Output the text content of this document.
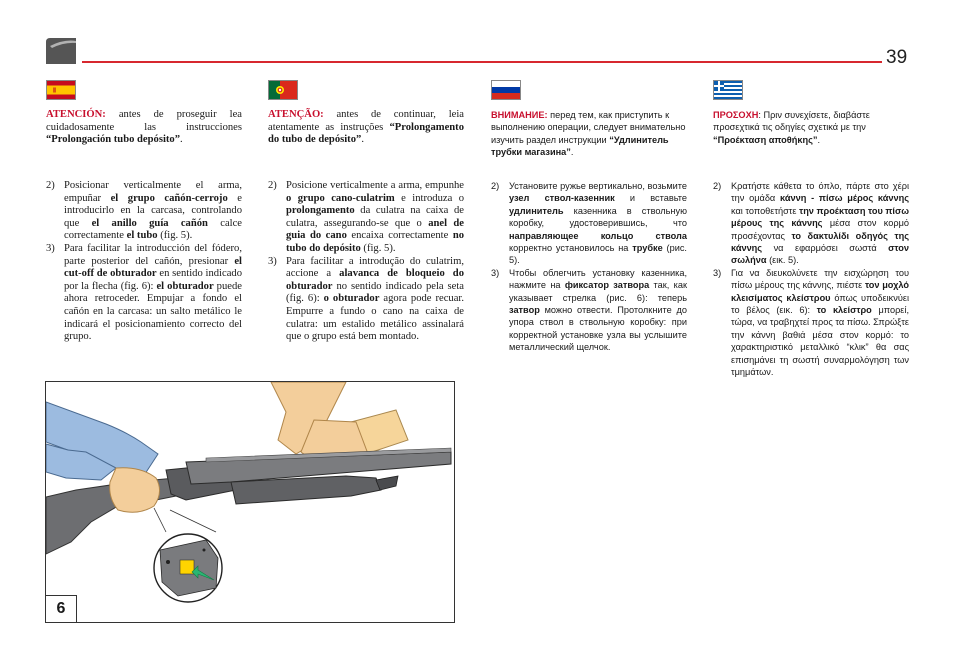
39

ATENCIÓN: antes de proseguir lea cuidadosamente las instrucciones “Prolongación tubo depósito”.

ATENÇÃO: antes de continuar, leia atentamente as instruções “Prolongamento do tubo de depósito”.

ВНИМАНИЕ: перед тем, как приступить к выполнению операции, следует внимательно изучить раздел инструкции “Удлинитель трубки магазина”.

ΠΡΟΣΟΧΗ: Πριν συνεχίσετε, διαβάστε προσεχτικά τις οδηγίες σχετικά με την “Προέκταση αποθήκης”.

2) Posicionar verticalmente el arma, empuñar el grupo cañón-cerrojo e introducirlo en la carcasa, controlando que el anillo guía cañón calce correctamente el tubo (fig. 5).

3) Para facilitar la introducción del fódero, parte posterior del cañón, presionar el cut-off de obturador en sentido indicado por la flecha (fig. 6): el obturador puede ahora retroceder. Empujar a fondo el cañón en la carcasa: un salto metálico le indicará el posicionamiento correcto del grupo.

2) Posicione verticalmente a arma, empunhe o grupo cano-culatrim e introduza o prolongamento da culatra na caixa de culatra, assegurando-se que o anel de guia do cano encaixa correctamente no tubo do depósito (fig. 5).

3) Para facilitar a introdução do culatrim, accione a alavanca de bloqueio do obturador no sentido indicado pela seta (fig. 6): o obturador agora pode recuar. Empurre a fundo o cano na caixa de culatra: um estalido metálico assinalará que o grupo está bem montado.

2) Установите ружье вертикально, возьмите узел ствол-казенник и вставьте удлинитель казенника в ствольную коробку, удостоверившись, что направляющее кольцо ствола корректно установилось на трубке (рис. 5).

3) Чтобы облегчить установку казенника, нажмите на фиксатор затвора так, как указывает стрелка (рис. 6): теперь затвор можно отвести. Протолкните до упора ствол в ствольную коробку: при корректной установке узла вы услышите металлический щелчок.

2) Κρατήστε κάθετα το όπλο, πάρτε στο χέρι την ομάδα κάννη - πίσω μέρος κάννης και τοποθετήστε την προέκταση του πίσω μέρους της κάννης μέσα στον κορμό προσέχοντας το δακτυλίδι οδηγός της κάννης να εφαρμόσει σωστά στον σωλήνα (εικ. 5).

3) Για να διευκολύνετε την εισχώρηση του πίσω μέρους της κάννης, πιέστε τον μοχλό κλεισίματος κλείστρου όπως υποδεικνύει το βέλος (εικ. 6): το κλείστρο μπορεί, τώρα, να τραβηχτεί προς τα πίσω. Σπρώξτε την κάννη βαθιά μέσα στον κορμό: το χαρακτηριστικό μεταλλικό “κλικ” θα σας επισημάνει τη σωστή συναρμολόγηση των τμημάτων.

6
